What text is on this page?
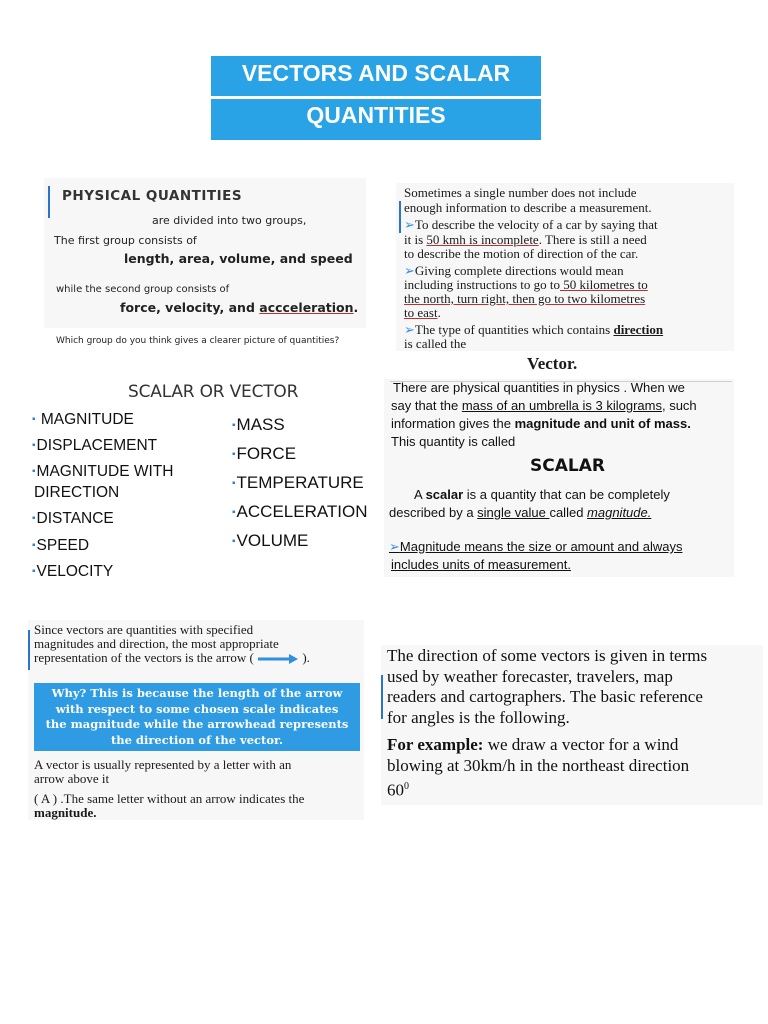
VECTORS AND SCALAR
QUANTITIES
PHYSICAL QUANTITIES
are divided into two groups,
The first group consists of
length, area, volume, and speed
while the second group consists of
force, velocity, and accceleration.
Which group do you think gives a clearer picture of quantities?
Sometimes a single number does not include
enough information to describe a measurement.
➢To describe the velocity of a car by saying that
it is 50 kmh is incomplete. There is still a need
to describe the motion of direction of the car.
➢Giving complete directions would mean
including instructions to go to 50 kilometres to
the north, turn right, then go to two kilometres
to east.
➢The type of quantities which contains direction
is called the
Vector.
SCALAR OR VECTOR
▪ MAGNITUDE
▪DISPLACEMENT
▪MAGNITUDE WITH
DIRECTION
▪DISTANCE
▪SPEED
▪VELOCITY
▪MASS
▪FORCE
▪TEMPERATURE
▪ACCELERATION
▪VOLUME
There are physical quantities in physics . When we
say that the mass of an umbrella is 3 kilograms, such
information gives the magnitude and unit of mass.
This quantity is called
SCALAR
A scalar is a quantity that can be completely
described by a single value called magnitude.
➢Magnitude means the size or amount and always
includes units of measurement.
Since vectors are quantities with specified
magnitudes and direction, the most appropriate
representation of the vectors is the arrow (	).
Why? This is because the length of the arrow
with respect to some chosen scale indicates
the magnitude while the arrowhead represents
the direction of the vector.
A vector is usually represented by a letter with an
arrow above it
( A ) .The same letter without an arrow indicates the
magnitude.
The direction of some vectors is given in terms
used by weather forecaster, travelers, map
readers and cartographers. The basic reference
for angles is the following.
For example: we draw a vector for a wind
blowing at 30km/h in the northeast direction
$60^0$
